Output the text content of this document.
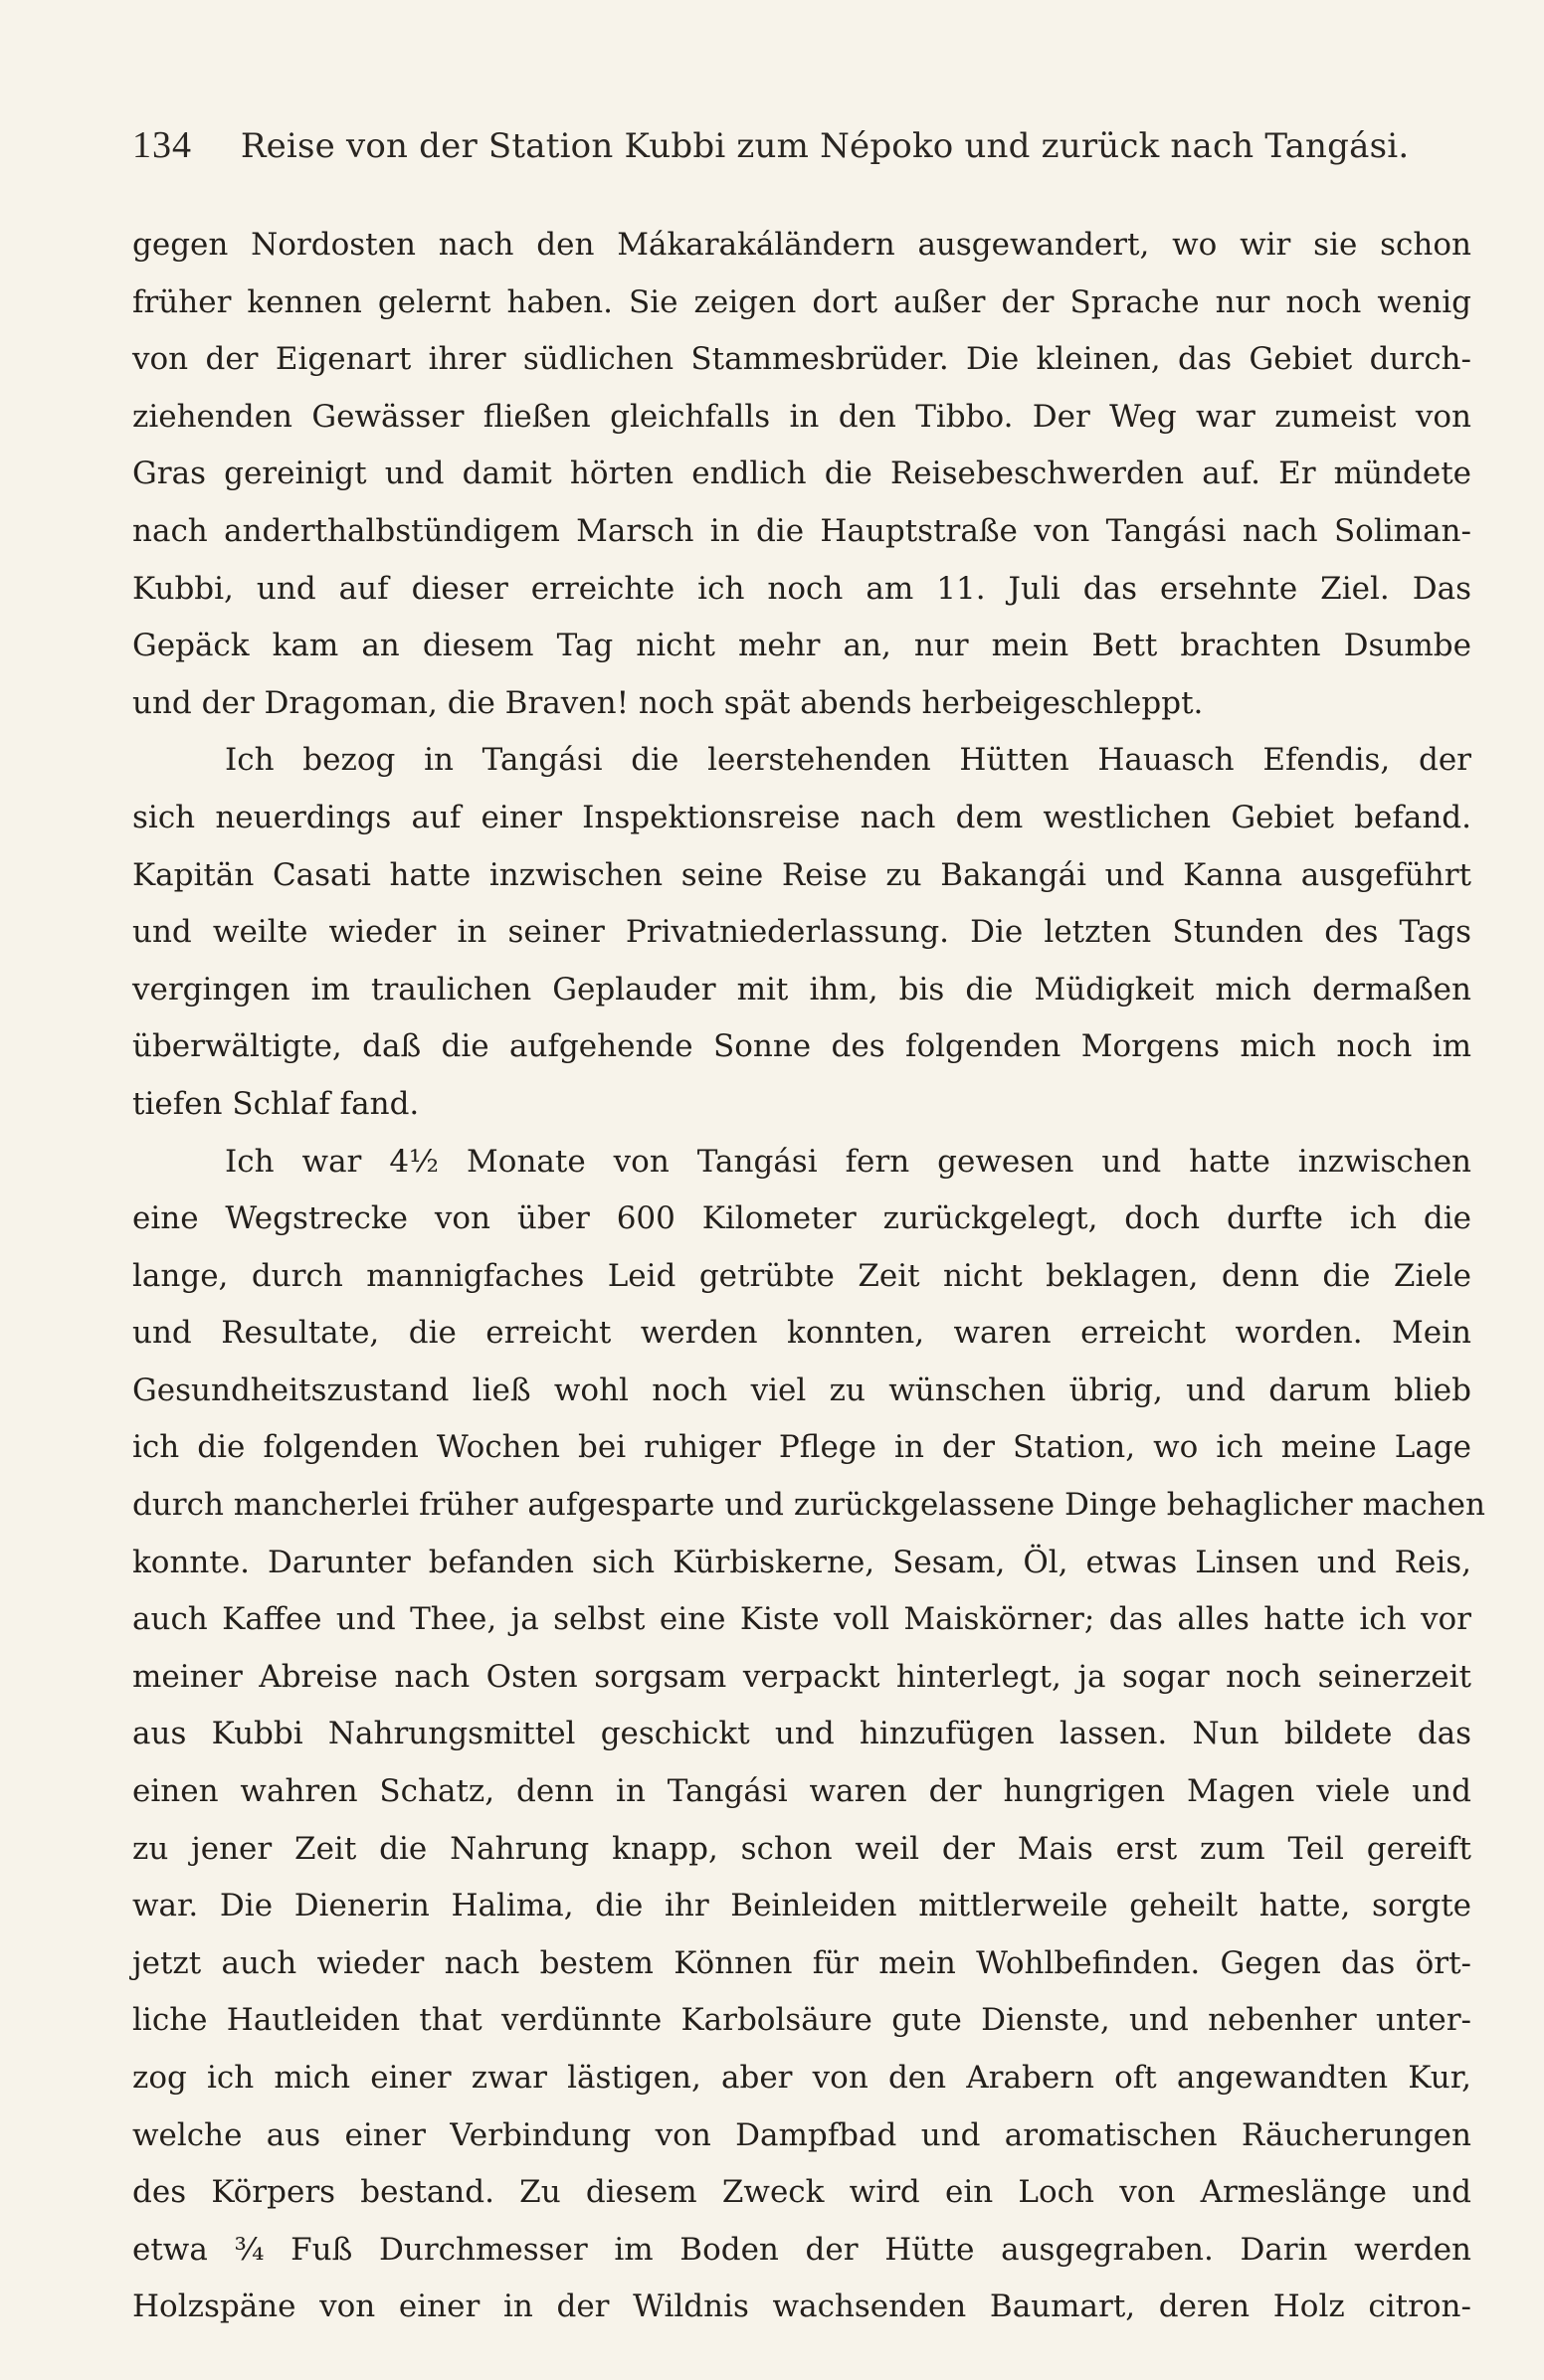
134 Reise von der Station Kubbi zum Népoko und zurück nach Tangási.
gegen Nordosten nach den Mákarakáländern ausgewandert, wo wir sie schon
früher kennen gelernt haben. Sie zeigen dort außer der Sprache nur noch wenig
von der Eigenart ihrer südlichen Stammesbrüder. Die kleinen, das Gebiet durch-
ziehenden Gewässer fließen gleichfalls in den Tibbo. Der Weg war zumeist von
Gras gereinigt und damit hörten endlich die Reisebeschwerden auf. Er mündete
nach anderthalbstündigem Marsch in die Hauptstraße von Tangási nach Soliman-
Kubbi, und auf dieser erreichte ich noch am 11. Juli das ersehnte Ziel. Das
Gepäck kam an diesem Tag nicht mehr an, nur mein Bett brachten Dsumbe
und der Dragoman, die Braven! noch spät abends herbeigeschleppt.
Ich bezog in Tangási die leerstehenden Hütten Hauasch Efendis, der
sich neuerdings auf einer Inspektionsreise nach dem westlichen Gebiet befand.
Kapitän Casati hatte inzwischen seine Reise zu Bakangái und Kanna ausgeführt
und weilte wieder in seiner Privatniederlassung. Die letzten Stunden des Tags
vergingen im traulichen Geplauder mit ihm, bis die Müdigkeit mich dermaßen
überwältigte, daß die aufgehende Sonne des folgenden Morgens mich noch im
tiefen Schlaf fand.
Ich war 4½ Monate von Tangási fern gewesen und hatte inzwischen
eine Wegstrecke von über 600 Kilometer zurückgelegt, doch durfte ich die
lange, durch mannigfaches Leid getrübte Zeit nicht beklagen, denn die Ziele
und Resultate, die erreicht werden konnten, waren erreicht worden. Mein
Gesundheitszustand ließ wohl noch viel zu wünschen übrig, und darum blieb
ich die folgenden Wochen bei ruhiger Pflege in der Station, wo ich meine Lage
durch mancherlei früher aufgesparte und zurückgelassene Dinge behaglicher machen
konnte. Darunter befanden sich Kürbiskerne, Sesam, Öl, etwas Linsen und Reis,
auch Kaffee und Thee, ja selbst eine Kiste voll Maiskörner; das alles hatte ich vor
meiner Abreise nach Osten sorgsam verpackt hinterlegt, ja sogar noch seinerzeit
aus Kubbi Nahrungsmittel geschickt und hinzufügen lassen. Nun bildete das
einen wahren Schatz, denn in Tangási waren der hungrigen Magen viele und
zu jener Zeit die Nahrung knapp, schon weil der Mais erst zum Teil gereift
war. Die Dienerin Halima, die ihr Beinleiden mittlerweile geheilt hatte, sorgte
jetzt auch wieder nach bestem Können für mein Wohlbefinden. Gegen das ört-
liche Hautleiden that verdünnte Karbolsäure gute Dienste, und nebenher unter-
zog ich mich einer zwar lästigen, aber von den Arabern oft angewandten Kur,
welche aus einer Verbindung von Dampfbad und aromatischen Räucherungen
des Körpers bestand. Zu diesem Zweck wird ein Loch von Armeslänge und
etwa ¾ Fuß Durchmesser im Boden der Hütte ausgegraben. Darin werden
Holzspäne von einer in der Wildnis wachsenden Baumart, deren Holz citron-
